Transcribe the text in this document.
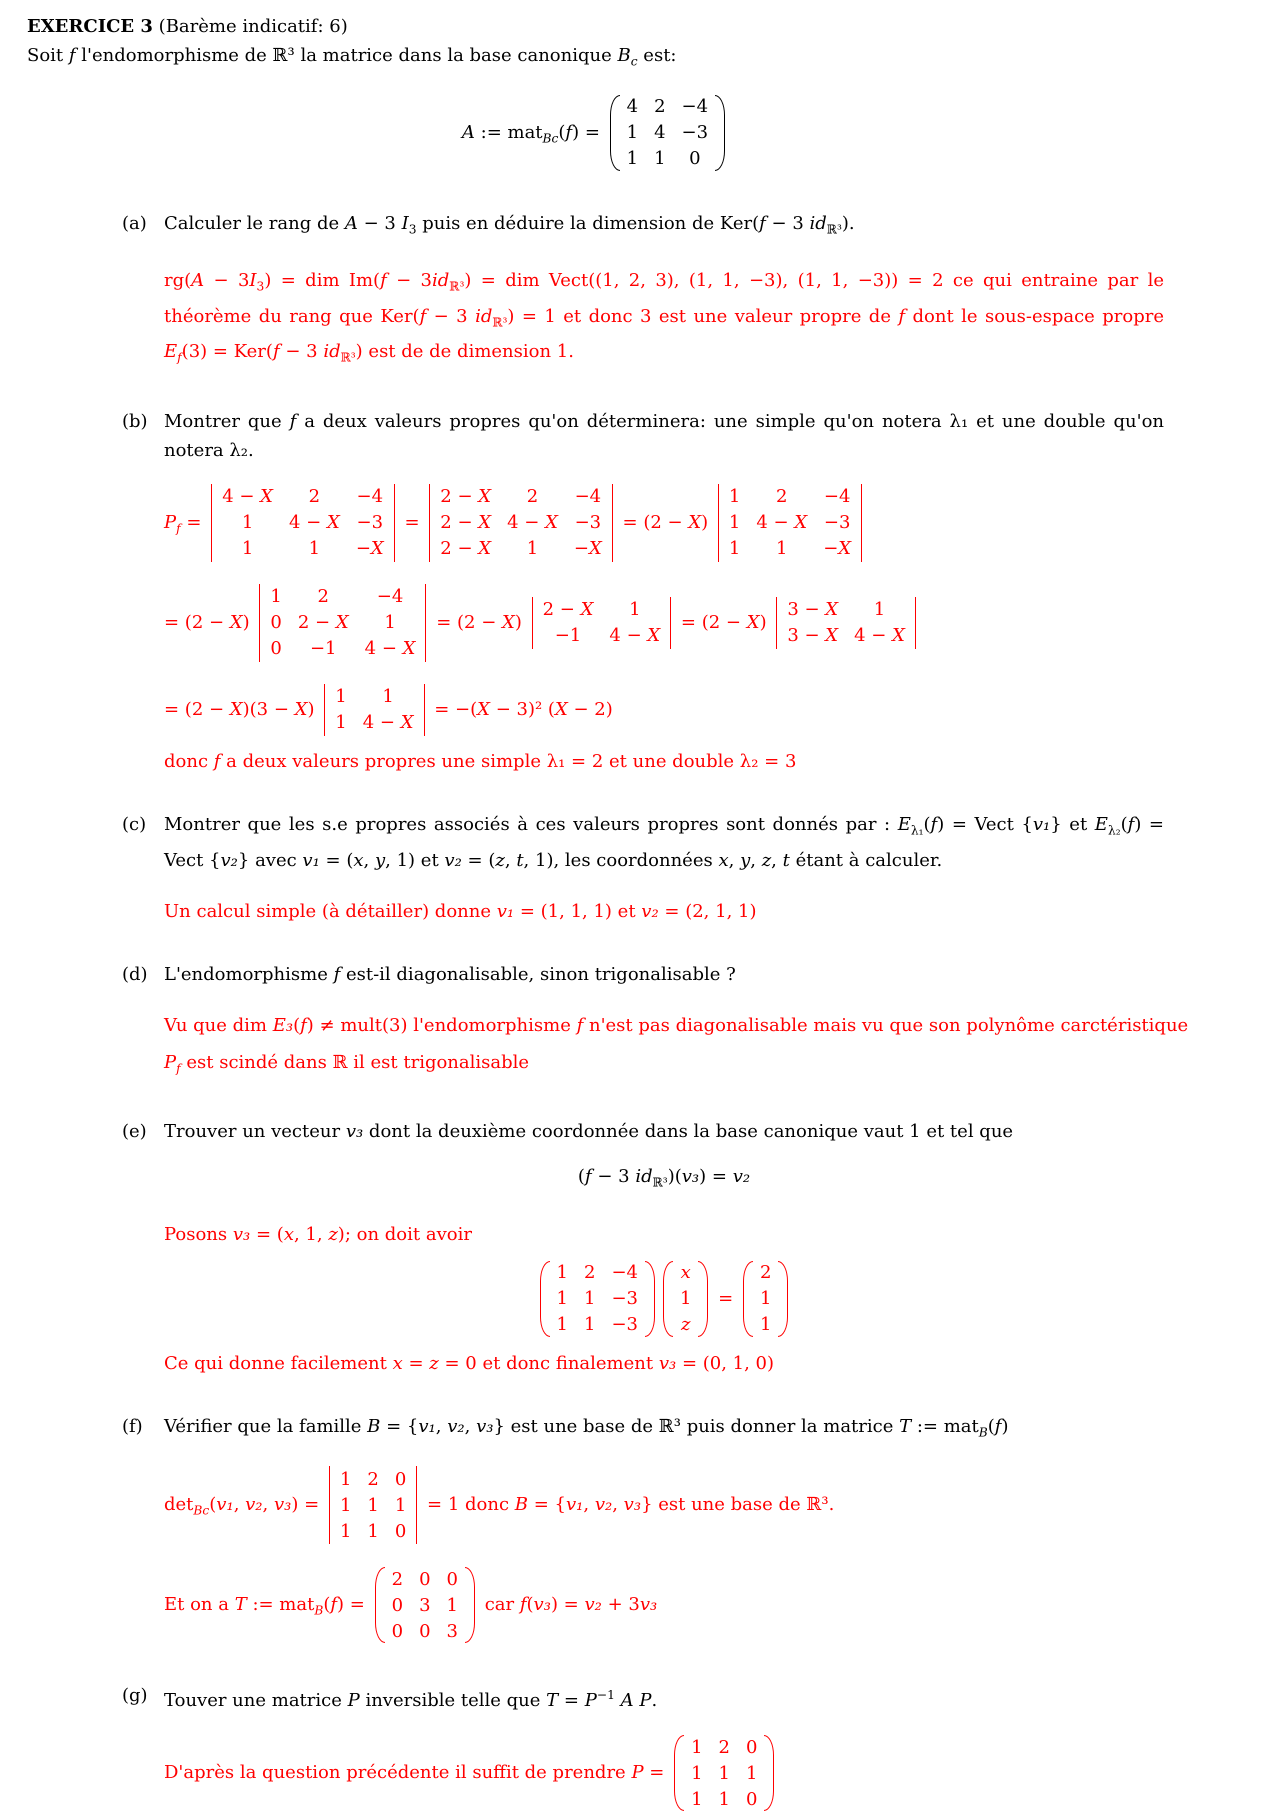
EXERCICE 3 (Barème indicatif: 6)
Soit f l'endomorphisme de ℝ³ la matrice dans la base canonique $B_c$ est:
A := mat$_{Bc}$(f) =
4 2 −4
1 4 −3
1 1 0
(a) Calculer le rang de A − 3 $I_3$ puis en déduire la dimension de Ker(f − 3 $id_{ℝ^3}$).
$rg(A - 3I_3)$ = dim $Im(f - 3id_{ℝ^3})$ = dim Vect((1, 2, 3), (1, 1, −3), (1, 1, −3)) = 2 ce qui entraine par le théorème du rang que Ker(f − 3 $id_{ℝ^3}) = 1$ et donc 3 est une valeur propre de f dont le sous-espace propre $E_f(3) = Ker(f - 3$ $id_{ℝ^3}$) est de de dimension 1.
(b) Montrer que f a deux valeurs propres qu'on déterminera: une simple qu'on notera λ₁ et une double qu'on notera λ₂.
$P_f$ =
4 − X 2 −4
1 4 − X −3
1	1 −X
=
2 − X 2 −4
2 − X 4 − X −3
2 − X 1 −X
= (2 − X)
1 2 −4
1 4 − X −3
1 1 −X
= (2 − X)
1 2	−4
0 2 − X 1
0 −1 4 − X
= (2 − X)
2 − X 1
−1 4 − X
= (2 − X)
3 − X 1
3 − X 4 − X
= (2 − X)(3 − X)
1 1
1 4 − X
= −(X − 3)² (X − 2)
donc f a deux valeurs propres une simple λ₁ = 2 et une double λ₂ = 3
(c) Montrer que les s.e propres associés à ces valeurs propres sont donnés par : $E_{\lambda_1}(f)$ = Vect {v₁} et $E_{\lambda_2}(f)$ = Vect {v₂} avec v₁ = (x, y, 1) et v₂ = (z, t, 1), les coordonnées x, y, z, t étant à calculer.
Un calcul simple (à détailler) donne v₁ = (1, 1, 1) et v₂ = (2, 1, 1)
(d) L'endomorphisme f est-il diagonalisable, sinon trigonalisable ?
Vu que dim E₃(f) ≠ mult(3) l'endomorphisme f n'est pas diagonalisable mais vu que son polynôme carctéristique
$P_f$ est scindé dans ℝ il est trigonalisable
(e) Trouver un vecteur v₃ dont la deuxième coordonnée dans la base canonique vaut 1 et tel que
(f − 3 $id_{ℝ^3})(v_3) = v_2$
Posons v₃ = (x, 1, z); on doit avoir
1 2 −4
1 1 −3
1 1 −3
x
1
z
=
2
1
1
Ce qui donne facilement x = z = 0 et donc finalement v₃ = (0, 1, 0)
(f)	Vérifier que la famille B = {v₁, v₂, v₃} est une base de ℝ³ puis donner la matrice T := mat$_B$(f)
$\det_{Bc}(v_1$, v₂, v₃) =
1 2 0
1 1 1
1 1 0
= 1 donc B = {v₁, v₂, v₃} est une base de ℝ³.
Et on a T := mat$_B$(f) =
2 0 0
0 3 1
0 0 3
car f(v₃) = v₂ + 3v₃
(g) Touver une matrice P inversible telle que $T = P^{-1}$ A P.
D'après la question précédente il suffit de prendre P =
1 2 0
1 1 1
1 1 0
